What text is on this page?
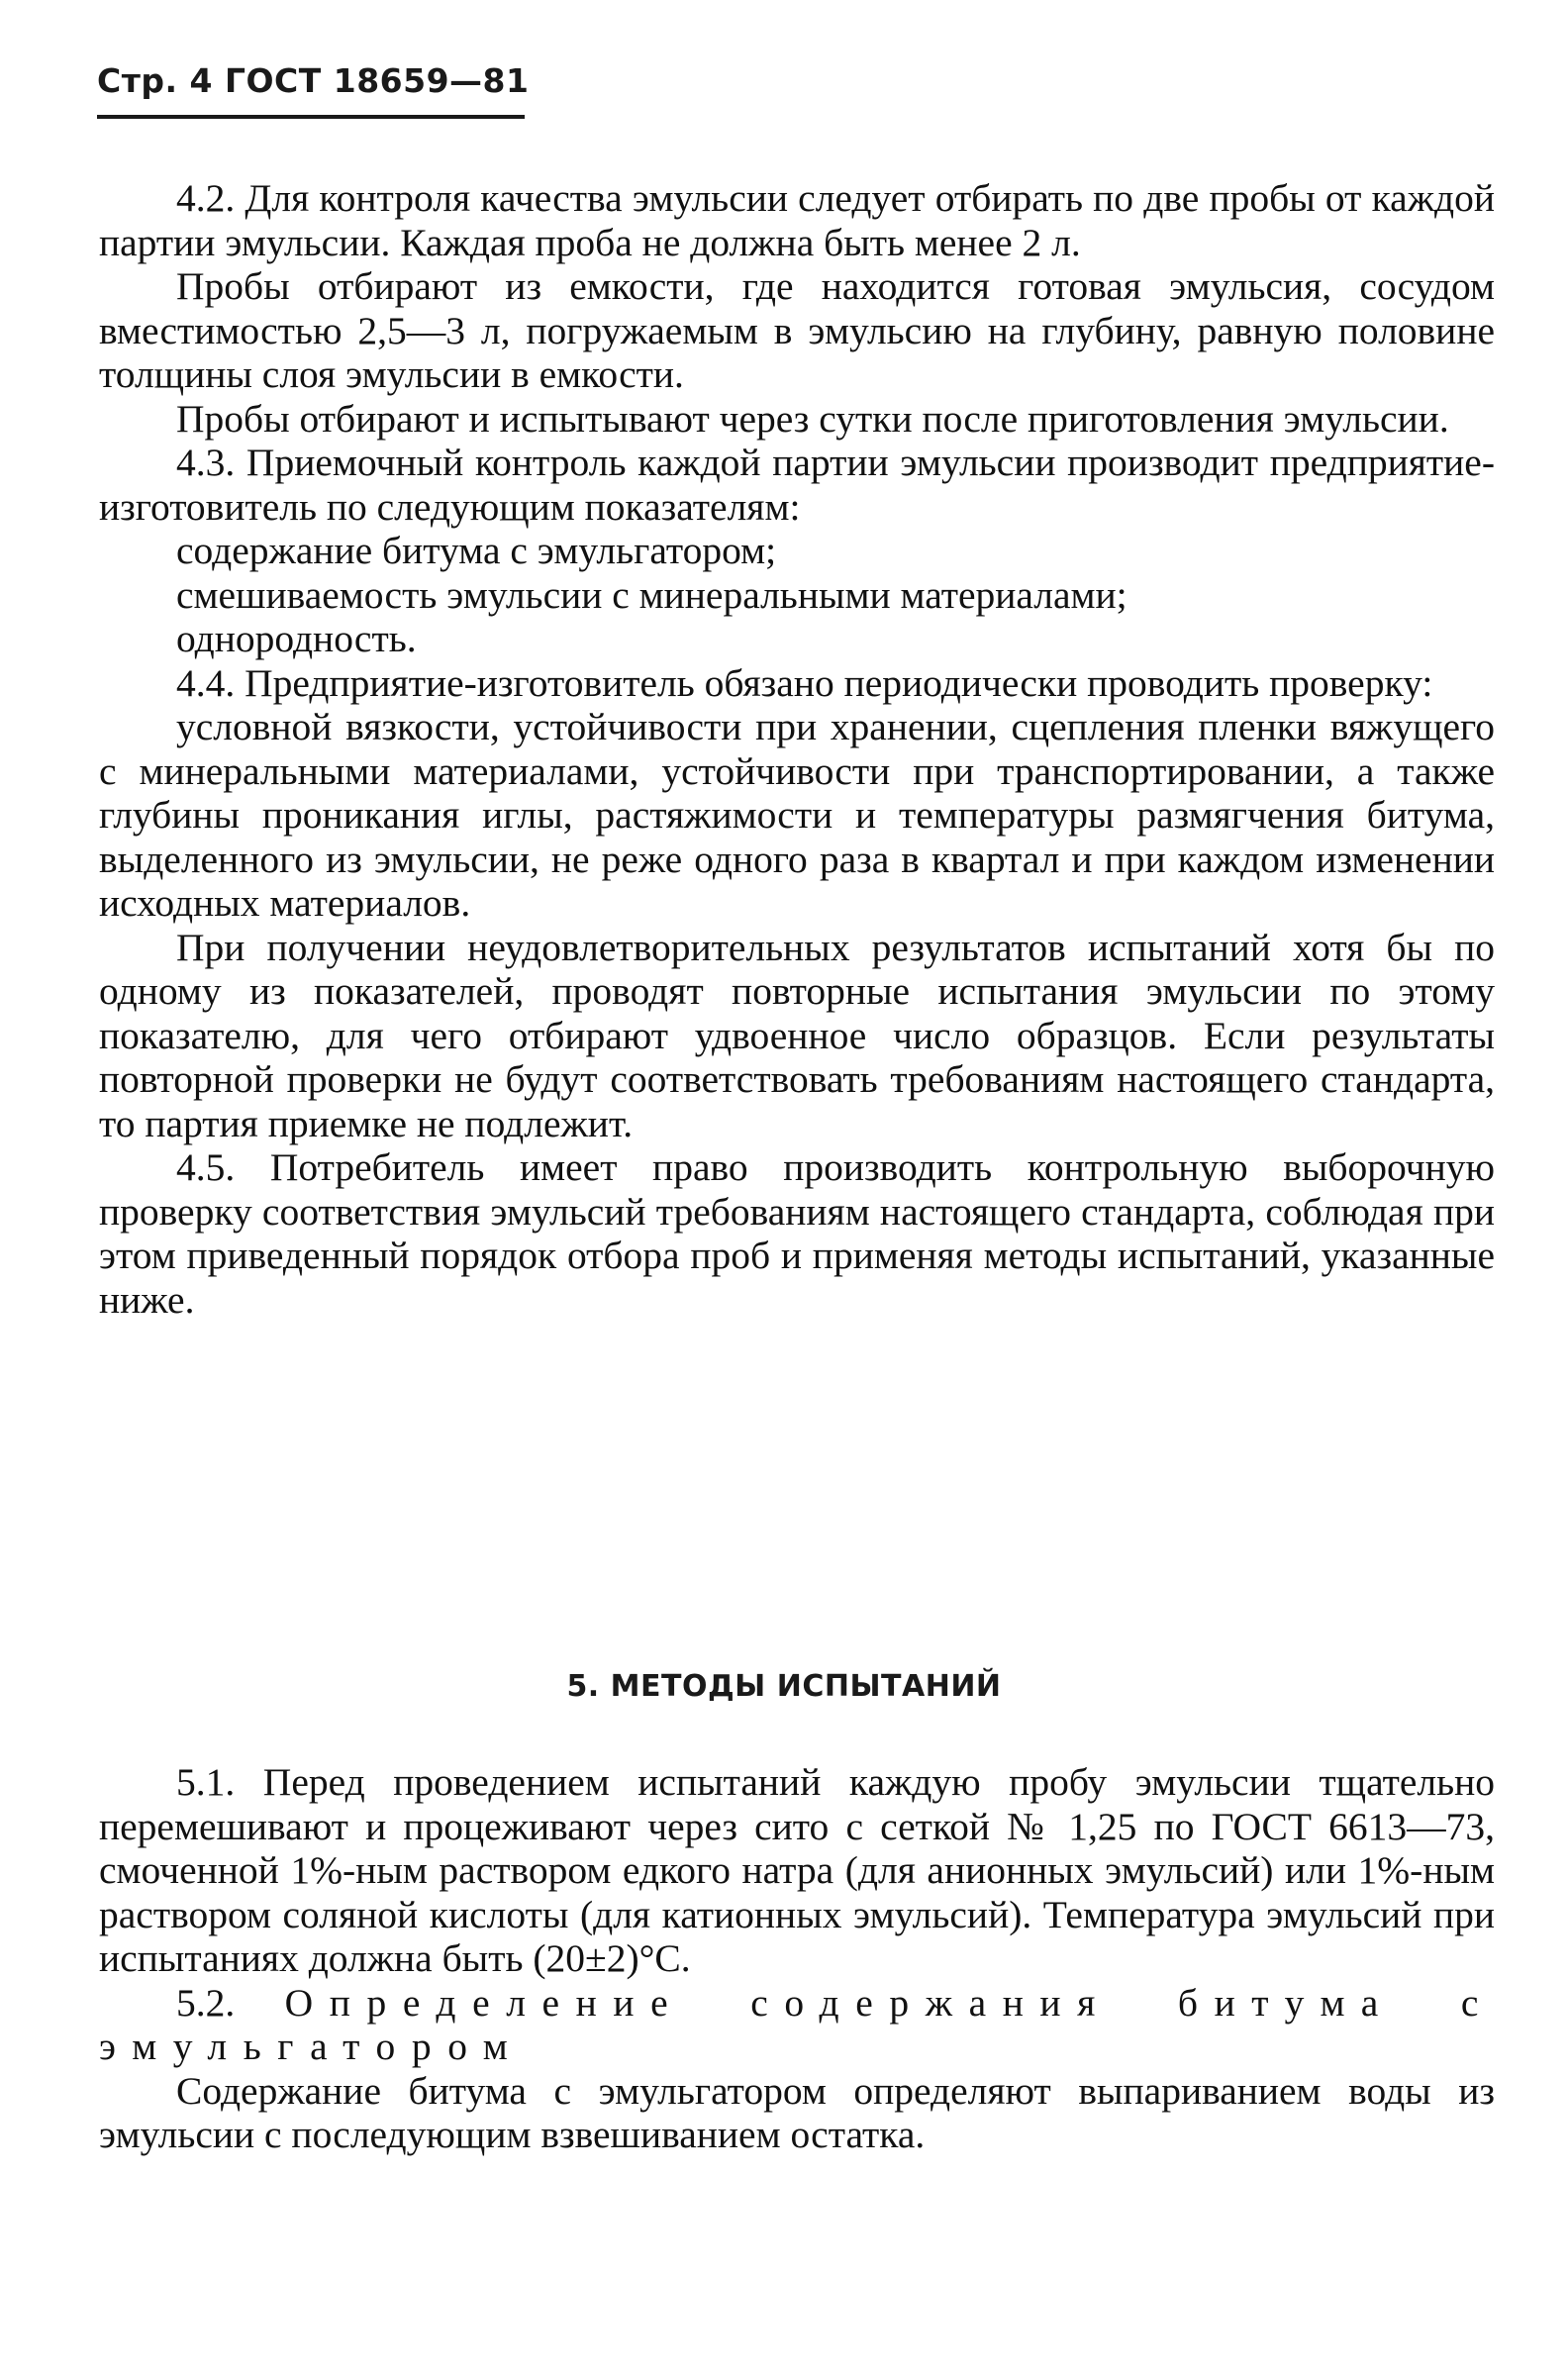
Стр. 4 ГОСТ 18659—81

4.2. Для контроля качества эмульсии следует отбирать по две пробы от каждой партии эмульсии. Каждая проба не должна быть менее 2 л.

Пробы отбирают из емкости, где находится готовая эмульсия, сосудом вместимостью 2,5—3 л, погружаемым в эмульсию на глубину, равную половине толщины слоя эмульсии в емкости.

Пробы отбирают и испытывают через сутки после приготовления эмульсии.

4.3. Приемочный контроль каждой партии эмульсии производит предприятие-изготовитель по следующим показателям:

содержание битума с эмульгатором;

смешиваемость эмульсии с минеральными материалами;

однородность.

4.4. Предприятие-изготовитель обязано периодически проводить проверку:

условной вязкости, устойчивости при хранении, сцепления пленки вяжущего с минеральными материалами, устойчивости при транспортировании, а также глубины проникания иглы, растяжимости и температуры размягчения битума, выделенного из эмульсии, не реже одного раза в квартал и при каждом изменении исходных материалов.

При получении неудовлетворительных результатов испытаний хотя бы по одному из показателей, проводят повторные испытания эмульсии по этому показателю, для чего отбирают удвоенное число образцов. Если результаты повторной проверки не будут соответствовать требованиям настоящего стандарта, то партия приемке не подлежит.

4.5. Потребитель имеет право производить контрольную выборочную проверку соответствия эмульсий требованиям настоящего стандарта, соблюдая при этом приведенный порядок отбора проб и применяя методы испытаний, указанные ниже.

5. МЕТОДЫ ИСПЫТАНИЙ

5.1. Перед проведением испытаний каждую пробу эмульсии тщательно перемешивают и процеживают через сито с сеткой № 1,25 по ГОСТ 6613—73, смоченной 1%-ным раствором едкого натра (для анионных эмульсий) или 1%-ным раствором соляной кислоты (для катионных эмульсий). Температура эмульсий при испытаниях должна быть (20±2)°С.

5.2. Определение содержания битума с эмульгатором

Содержание битума с эмульгатором определяют выпариванием воды из эмульсии с последующим взвешиванием остатка.
